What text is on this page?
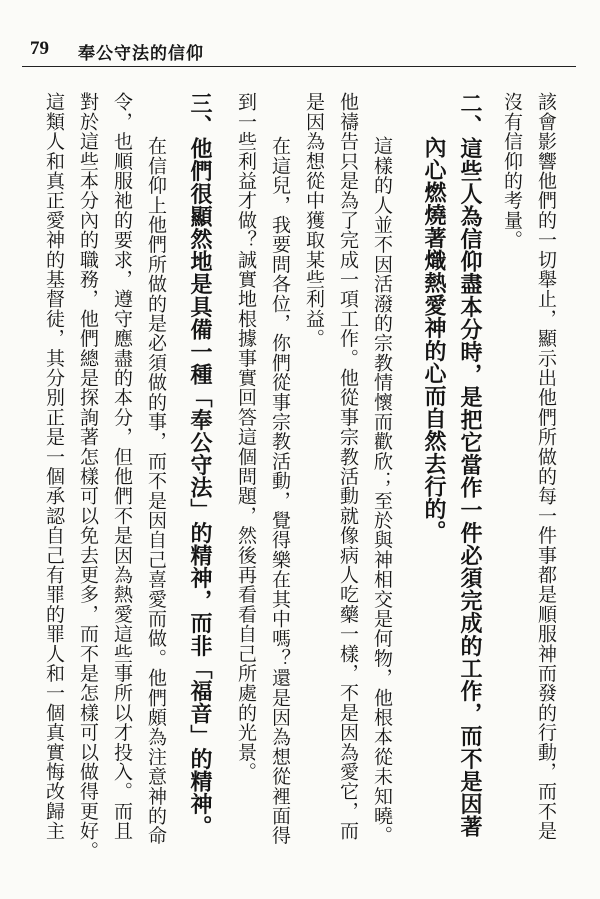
79 奉公守法的信仰
該會影響他們的一切舉止，顯示出他們所做的每一件事都是順服神而發的行動，而不是
沒有信仰的考量。
二、這些人為信仰盡本分時，是把它當作一件必須完成的工作，而不是因著
內心燃燒著熾熱愛神的心而自然去行的。
這樣的人並不因活潑的宗教情懷而歡欣；至於與神相交是何物，他根本從未知曉。
他禱告只是為了完成一項工作。他從事宗教活動就像病人吃藥一樣，不是因為愛它，而
是因為想從中獲取某些利益。
在這兒，我要問各位，你們從事宗教活動，覺得樂在其中嗎？還是因為想從裡面得
到一些利益才做？誠實地根據事實回答這個問題，然後再看看自己所處的光景。
三、他們很顯然地是具備一種「奉公守法」的精神，而非「福音」的精神。
在信仰上他們所做的是必須做的事，而不是因自己喜愛而做。他們頗為注意神的命
令，也順服祂的要求，遵守應盡的本分，但他們不是因為熱愛這些事所以才投入。而且
對於這些本分內的職務，他們總是探詢著怎樣可以免去更多，而不是怎樣可以做得更好。
這類人和真正愛神的基督徒，其分別正是一個承認自己有罪的罪人和一個真實悔改歸主
